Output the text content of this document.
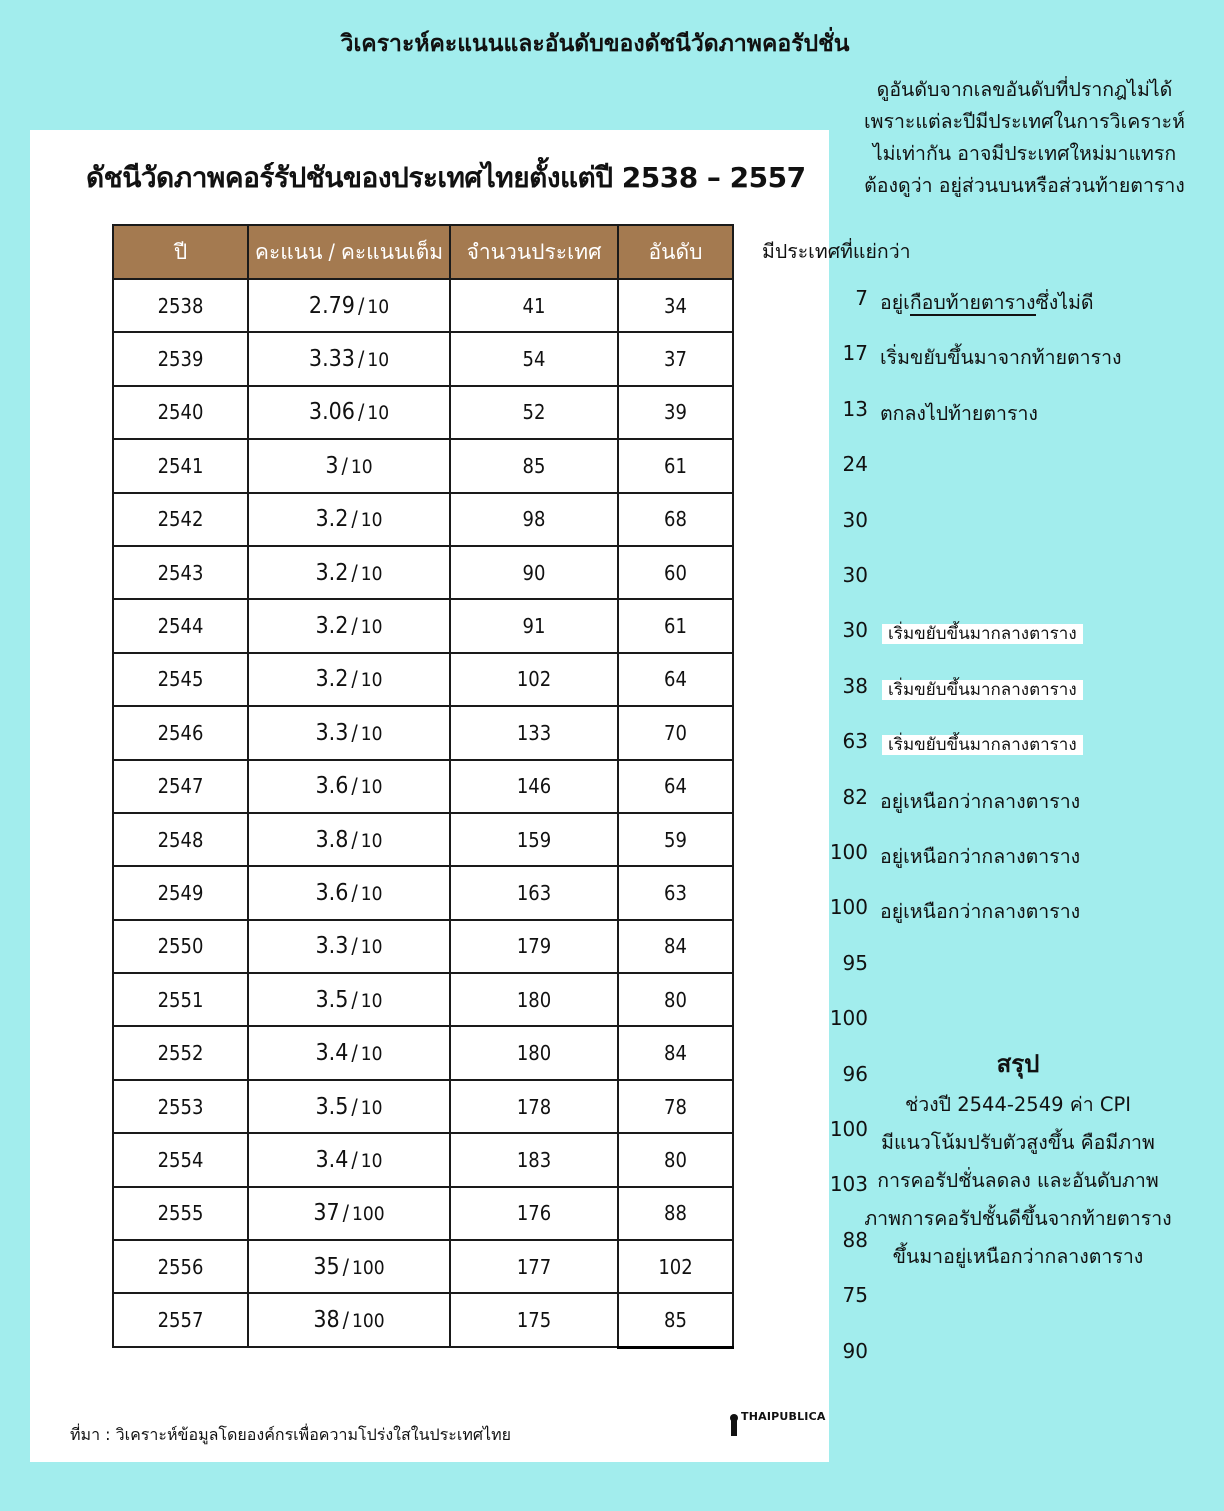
วิเคราะห์คะแนนและอันดับของดัชนีวัดภาพคอรัปชั่น
ดูอันดับจากเลขอันดับที่ปรากฎไม่ได้
เพราะแต่ละปีมีประเทศในการวิเคราะห์
ไม่เท่ากัน อาจมีประเทศใหม่มาแทรก
ต้องดูว่า อยู่ส่วนบนหรือส่วนท้ายตาราง
ดัชนีวัดภาพคอร์รัปชันของประเทศไทยตั้งแต่ปี 2538 – 2557
ปี	คะแนน / คะแนนเต็ม	จำนวนประเทศ	อันดับ
2538	2.79 / 10	41	34
2539	3.33 / 10	54	37
2540	3.06 / 10	52	39
2541	3 / 10	85	61
2542	3.2 / 10	98	68
2543	3.2 / 10	90	60
2544	3.2 / 10	91	61
2545	3.2 / 10	102	64
2546	3.3 / 10	133	70
2547	3.6 / 10	146	64
2548	3.8 / 10	159	59
2549	3.6 / 10	163	63
2550	3.3 / 10	179	84
2551	3.5 / 10	180	80
2552	3.4 / 10	180	84
2553	3.5 / 10	178	78
2554	3.4 / 10	183	80
2555	37 / 100	176	88
2556	35 / 100	177	102
2557	38 / 100	175	85
ที่มา : วิเคราะห์ข้อมูลโดยองค์กรเพื่อความโปร่งใสในประเทศไทย
THAIPUBLICA
มีประเทศที่แย่กว่า
7 อยู่เกือบท้ายตารางซึ่งไม่ดี
17 เริ่มขยับขึ้นมาจากท้ายตาราง
13 ตกลงไปท้ายตาราง
24
30
30
30	เริ่มขยับขึ้นมากลางตาราง
38	เริ่มขยับขึ้นมากลางตาราง
63	เริ่มขยับขึ้นมากลางตาราง
82 อยู่เหนือกว่ากลางตาราง
100 อยู่เหนือกว่ากลางตาราง
100 อยู่เหนือกว่ากลางตาราง
95
100
96
100
103
88
75
90
สรุป
ช่วงปี 2544-2549 ค่า CPI
มีแนวโน้มปรับตัวสูงขึ้น คือมีภาพ
การคอรัปชั่นลดลง และอันดับภาพ
ภาพการคอรัปชั้นดีขึ้นจากท้ายตาราง
ขึ้นมาอยู่เหนือกว่ากลางตาราง
